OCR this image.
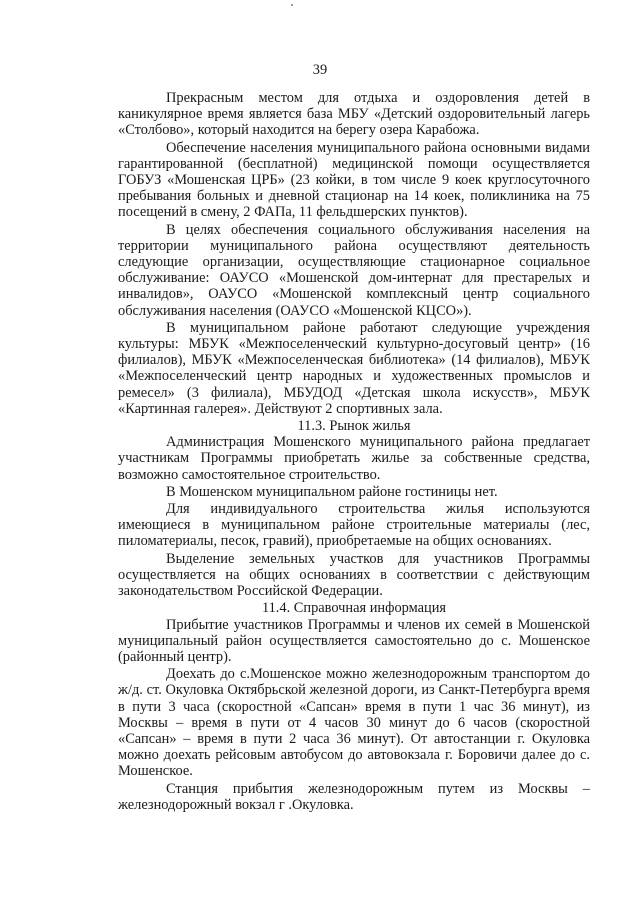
39

Прекрасным местом для отдыха и оздоровления детей в каникулярное время является база МБУ «Детский оздоровительный лагерь «Столбово», который находится на берегу озера Карабожа.

Обеспечение населения муниципального района основными видами гарантированной (бесплатной) медицинской помощи осуществляется ГОБУЗ «Мошенская ЦРБ» (23 койки, в том числе 9 коек круглосуточного пребывания больных и дневной стационар на 14 коек, поликлиника на 75 посещений в смену, 2 ФАПа, 11 фельдшерских пунктов).

В целях обеспечения социального обслуживания населения на территории муниципального района осуществляют деятельность следующие организации, осуществляющие стационарное социальное обслуживание: ОАУСО «Мошенской дом-интернат для престарелых и инвалидов», ОАУСО «Мошенской комплексный центр социального обслуживания населения (ОАУСО «Мошенской КЦСО»).

В муниципальном районе работают следующие учреждения культуры: МБУК «Межпоселенческий культурно-досуговый центр» (16 филиалов), МБУК «Межпоселенческая библиотека» (14 филиалов), МБУК «Межпоселенческий центр народных и художественных промыслов и ремесел» (3 филиала), МБУДОД «Детская школа искусств», МБУК «Картинная галерея». Действуют 2 спортивных зала.

11.3. Рынок жилья

Администрация Мошенского муниципального района предлагает участникам Программы приобретать жилье за собственные средства, возможно самостоятельное строительство.

В Мошенском муниципальном районе гостиницы нет.

Для индивидуального строительства жилья используются имеющиеся в муниципальном районе строительные материалы (лес, пиломатериалы, песок, гравий), приобретаемые на общих основаниях.

Выделение земельных участков для участников Программы осуществляется на общих основаниях в соответствии с действующим законодательством Российской Федерации.

11.4. Справочная информация

Прибытие участников Программы и членов их семей в Мошенской муниципальный район осуществляется самостоятельно до с. Мошенское (районный центр).

Доехать до с.Мошенское можно железнодорожным транспортом до ж/д. ст. Окуловка Октябрьской железной дороги, из Санкт-Петербурга время в пути 3 часа (скоростной «Сапсан» время в пути 1 час 36 минут), из Москвы – время в пути от 4 часов 30 минут до 6 часов (скоростной «Сапсан» – время в пути 2 часа 36 минут). От автостанции г. Окуловка можно доехать рейсовым автобусом до автовокзала г. Боровичи далее до с. Мошенское.

Станция прибытия железнодорожным путем из Москвы – железнодорожный вокзал г .Окуловка.
